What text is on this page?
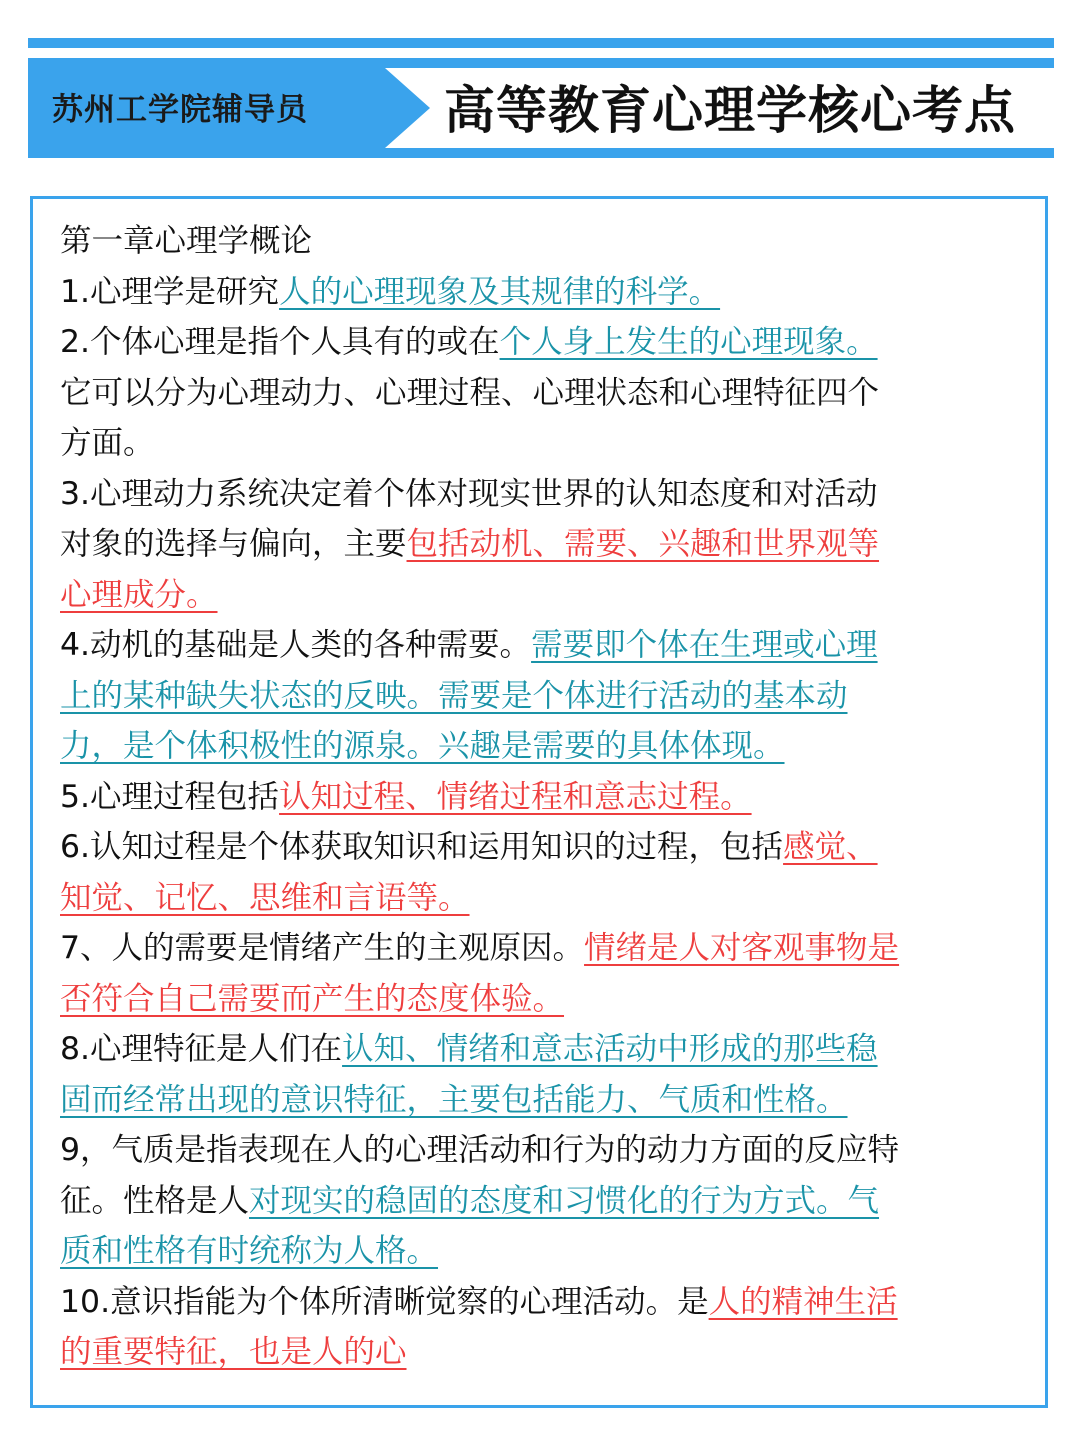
苏州工学院辅导员	高等教育心理学核心考点
第一章心理学概论
1.心理学是研究人的心理现象及其规律的科学。
2.个体心理是指个人具有的或在个人身上发生的心理现象。
它可以分为心理动力、心理过程、心理状态和心理特征四个
方面。
3.心理动力系统决定着个体对现实世界的认知态度和对活动
对象的选择与偏向，主要包括动机、需要、兴趣和世界观等
心理成分。
4.动机的基础是人类的各种需要。需要即个体在生理或心理
上的某种缺失状态的反映。需要是个体进行活动的基本动
力，是个体积极性的源泉。兴趣是需要的具体体现。
5.心理过程包括认知过程、情绪过程和意志过程。
6.认知过程是个体获取知识和运用知识的过程，包括感觉、
知觉、记忆、思维和言语等。
7、人的需要是情绪产生的主观原因。情绪是人对客观事物是
否符合自己需要而产生的态度体验。
8.心理特征是人们在认知、情绪和意志活动中形成的那些稳
固而经常出现的意识特征，主要包括能力、气质和性格。
9，气质是指表现在人的心理活动和行为的动力方面的反应特
征。性格是人对现实的稳固的态度和习惯化的行为方式。气
质和性格有时统称为人格。
10.意识指能为个体所清晰觉察的心理活动。是人的精神生活
的重要特征，也是人的心
